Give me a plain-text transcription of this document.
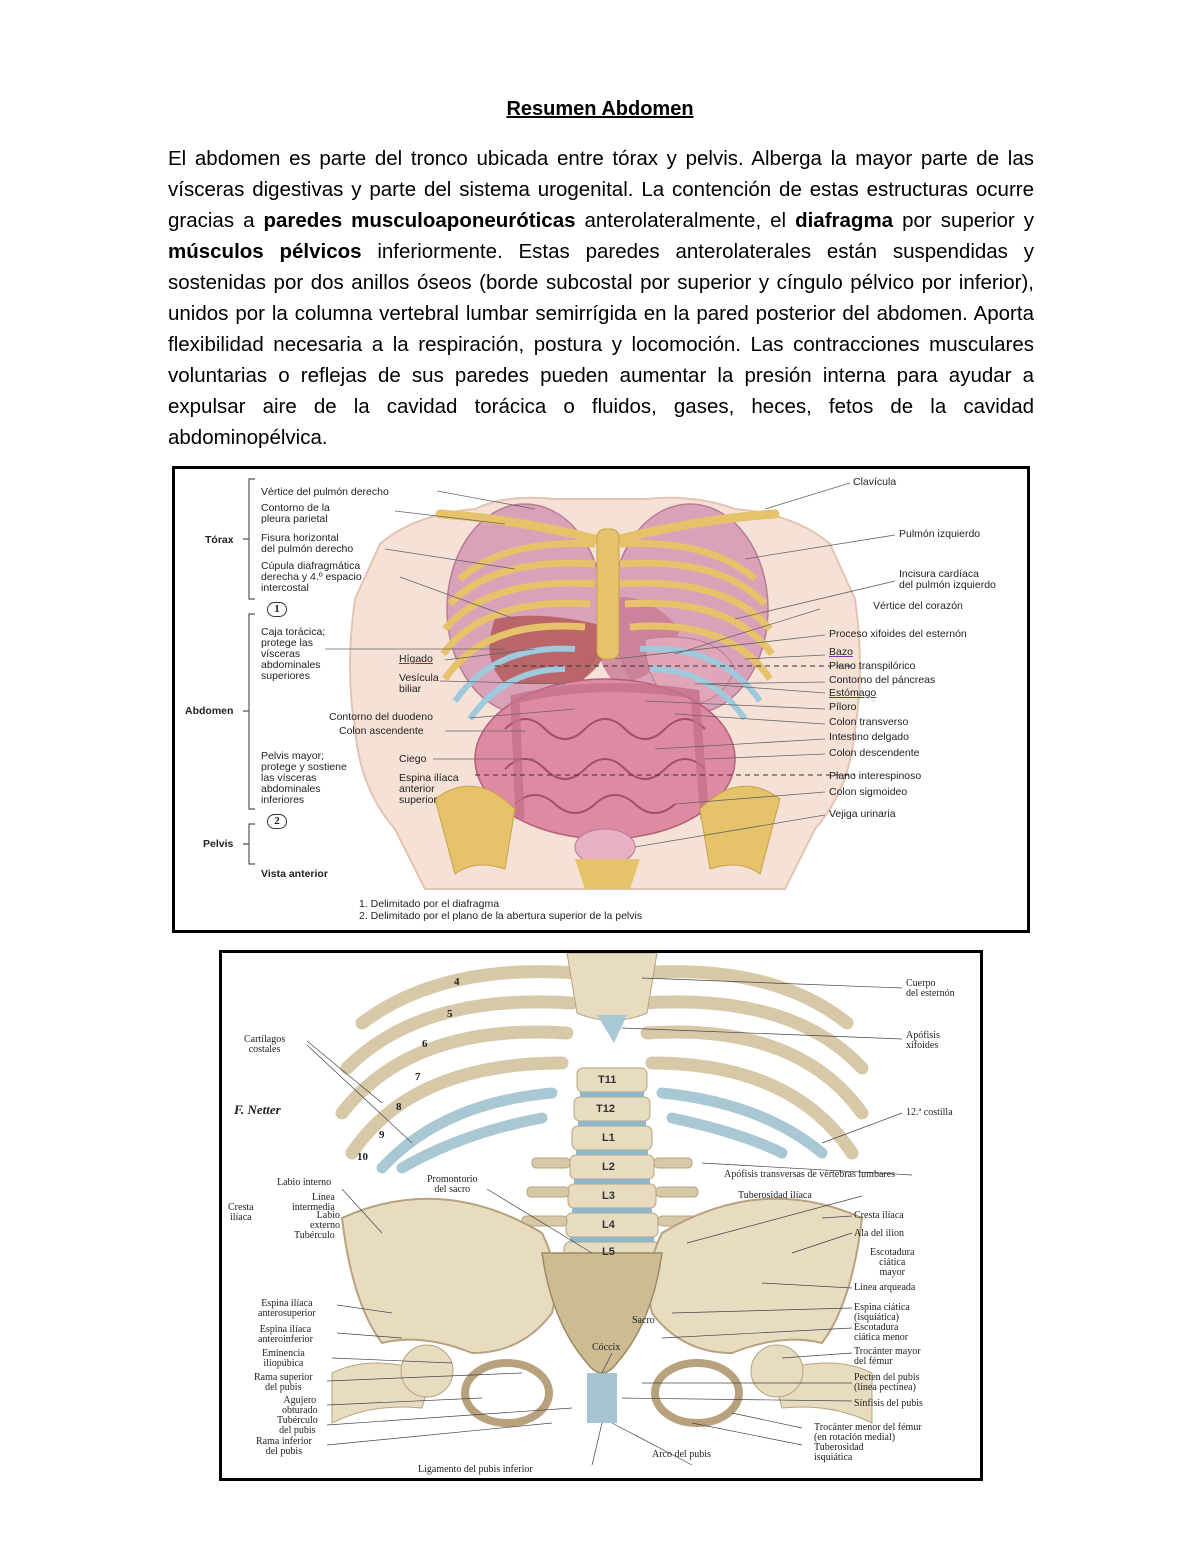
Resumen Abdomen
El abdomen es parte del tronco ubicada entre tórax y pelvis. Alberga la mayor parte de las vísceras digestivas y parte del sistema urogenital. La contención de estas estructuras ocurre gracias a paredes musculoaponeuróticas anterolateralmente, el diafragma por superior y músculos pélvicos inferiormente. Estas paredes anterolaterales están suspendidas y sostenidas por dos anillos óseos (borde subcostal por superior y cíngulo pélvico por inferior), unidos por la columna vertebral lumbar semirrígida en la pared posterior del abdomen. Aporta flexibilidad necesaria a la respiración, postura y locomoción. Las contracciones musculares voluntarias o reflejas de sus paredes pueden aumentar la presión interna para ayudar a expulsar aire de la cavidad torácica o fluidos, gases, heces, fetos de la cavidad abdominopélvica.
Tórax
Abdomen
Pelvis
Vértice del pulmón derecho
Contorno de la
pleura parietal
Fisura horizontal
del pulmón derecho
Cúpula diafragmática
derecha y 4.º espacio
intercostal
1
Caja torácica;
protege las
vísceras
abdominales
superiores
Hígado
Vesícula
biliar
Contorno del duodeno
Colon ascendente
Pelvis mayor;
protege y sostiene
las vísceras
abdominales
inferiores
Ciego
Espina ilíaca
anterior
superior
2
Vista anterior
Clavícula
Pulmón izquierdo
Incisura cardíaca
del pulmón izquierdo
Vértice del corazón
Proceso xifoides del esternón
Bazo
Plano transpilórico
Contorno del páncreas
Estómago
Píloro
Colon transverso
Intestino delgado
Colon descendente
Plano interespinoso
Colon sigmoideo
Vejiga urinaria
1. Delimitado por el diafragma
2. Delimitado por el plano de la abertura superior de la pelvis
4
5
6
7
8
9
10
T11
T12
L1
L2
L3
L4
L5
F. Netter
Cartílagos
costales
Labio interno
Línea
intermedia
Labio
externo
Tubérculo
Cresta
ilíaca
Promontorio
del sacro
Espina ilíaca
anterosuperior
Espina ilíaca
anteroinferior
Eminencia
iliopúbica
Rama superior
del pubis
Agujero
obturado
Tubérculo
del pubis
Rama inferior
del pubis
Ligamento del pubis inferior
Cóccix
Sacro
Arco del pubis
Cuerpo
del esternón
Apófisis
xifoides
12.ª costilla
Apófisis transversas de vértebras lumbares
Tuberosidad ilíaca
Cresta ilíaca
Ala del ilion
Escotadura
ciática
mayor
Línea arqueada
Espina ciática
(isquiática)
Escotadura
ciática menor
Trocánter mayor
del fémur
Pecten del pubis
(línea pectínea)
Sínfisis del pubis
Trocánter menor del fémur
(en rotación medial)
Tuberosidad
isquiática
